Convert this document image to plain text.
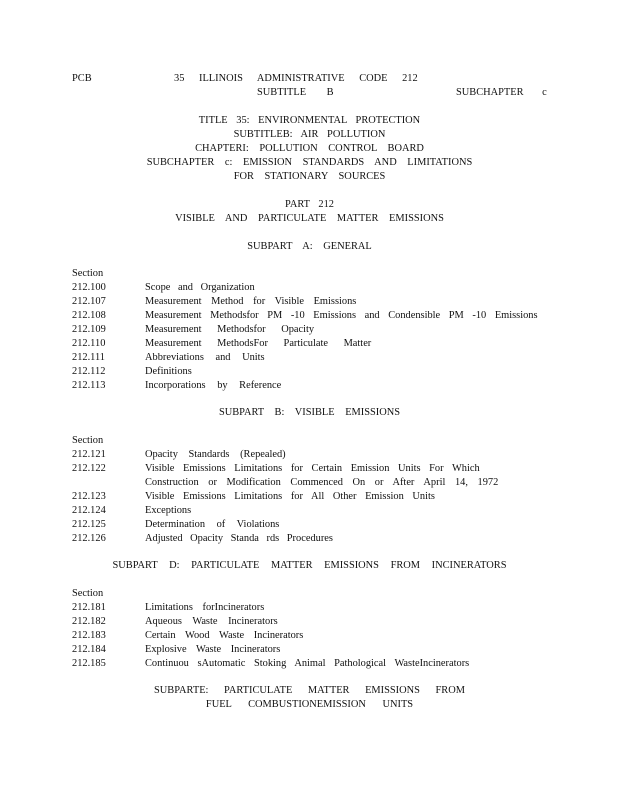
PCB	35 ILLINOIS ADMINISTRATIVE CODE 212
SUBTITLE B	SUBCHAPTER c
TITLE 35: ENVIRONMENTAL PROTECTION
SUBTITLEB: AIR POLLUTION
CHAPTERI: POLLUTION CONTROL BOARD
SUBCHAPTER c: EMISSION STANDARDS AND LIMITATIONS
FOR STATIONARY SOURCES
PART 212
VISIBLE AND PARTICULATE MATTER EMISSIONS
SUBPART A: GENERAL
Section
212.100	Scope and Organization
212.107	Measurement Method for Visible Emissions
212.108	Measurement Methodsfor PM -10 Emissions and Condensible PM -10 Emissions
212.109	Measurement Methodsfor Opacity
212.110	Measurement MethodsFor Particulate Matter
212.111	Abbreviations and Units
212.112	Definitions
212.113	Incorporations by Reference
SUBPART B: VISIBLE EMISSIONS
Section
212.121	Opacity Standards (Repealed)
212.122	Visible Emissions Limitations for Certain Emission Units For Which
Construction or Modification Commenced On or After April 14, 1972
212.123	Visible Emissions Limitations for All Other Emission Units
212.124	Exceptions
212.125	Determination of Violations
212.126	Adjusted Opacity Standa rds Procedures
SUBPART D: PARTICULATE MATTER EMISSIONS FROM INCINERATORS
Section
212.181	Limitations forIncinerators
212.182	Aqueous Waste Incinerators
212.183	Certain Wood Waste Incinerators
212.184	Explosive Waste Incinerators
212.185	Continuou sAutomatic Stoking Animal Pathological WasteIncinerators
SUBPARTE: PARTICULATE MATTER EMISSIONS FROM
FUEL COMBUSTIONEMISSION UNITS
